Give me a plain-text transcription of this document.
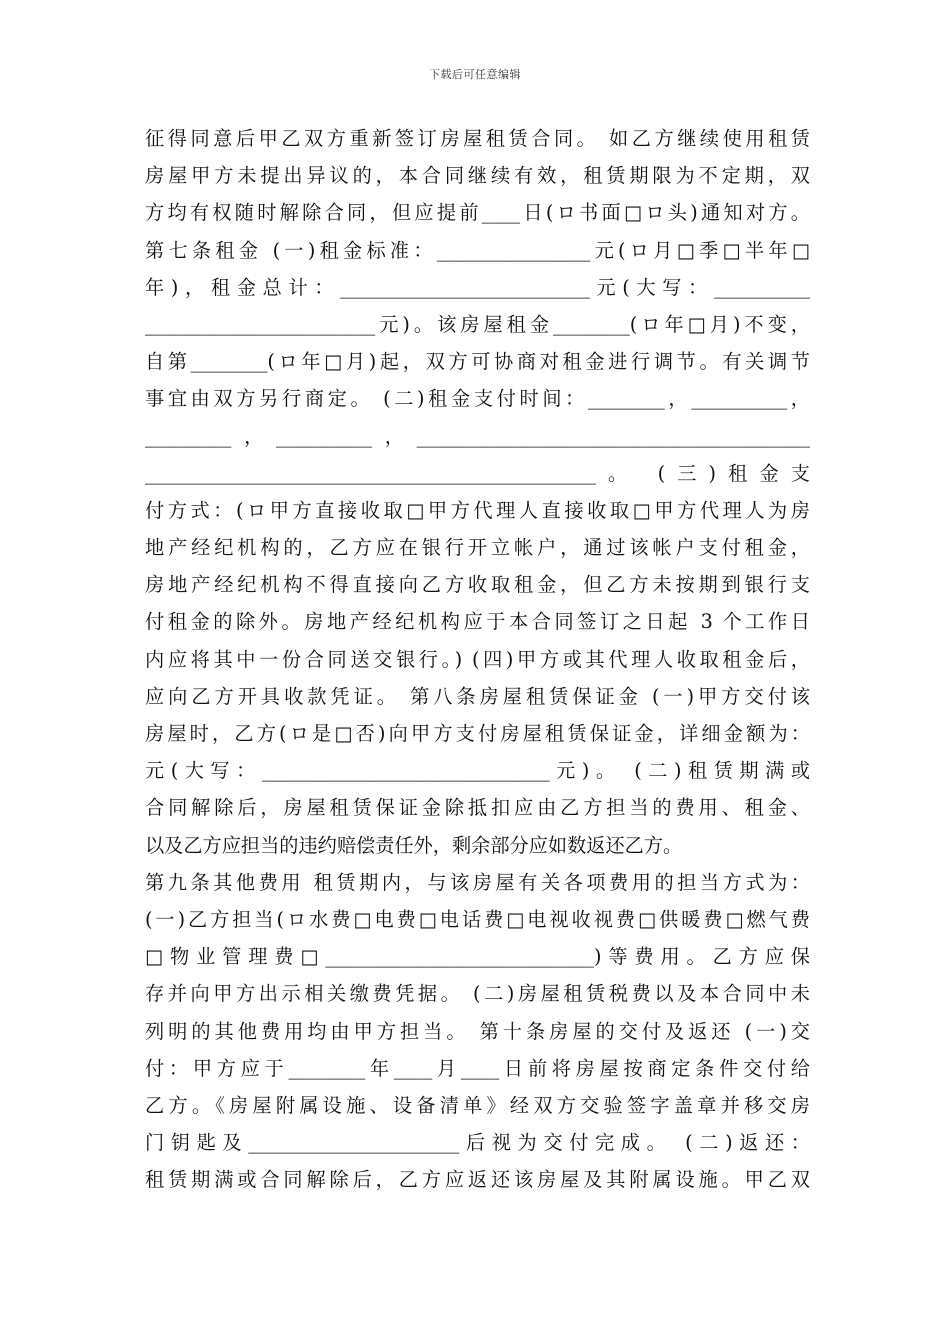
下载后可任意编辑
征得同意后甲乙双方重新签订房屋租赁合同。 如乙方继续使用租赁
房屋甲方未提出异议的，本合同继续有效，租赁期限为不定期，双
方均有权随时解除合同，但应提前____日(ロ书面□ロ头)通知对方。
第七条租金 (一)租金标准：________________元(ロ月□季□半年□
年)，租金总计：__________________________元(大写：__________
________________________元)。该房屋租金________(ロ年□月)不变，
自第________(ロ年□月)起，双方可协商对租金进行调节。有关调节
事宜由双方另行商定。 (二)租金支付时间：________，__________，
_________，__________，_________________________________________
_______________________________________________。 (三)租金支
付方式：(ロ甲方直接收取□甲方代理人直接收取□甲方代理人为房
地产经纪机构的，乙方应在银行开立帐户，通过该帐户支付租金，
房地产经纪机构不得直接向乙方收取租金，但乙方未按期到银行支
付租金的除外。房地产经纪机构应于本合同签订之日起 3 个工作日
内应将其中一份合同送交银行。) (四)甲方或其代理人收取租金后，
应向乙方开具收款凭证。 第八条房屋租赁保证金 (一)甲方交付该
房屋时，乙方(ロ是□否)向甲方支付房屋租赁保证金，详细金额为：
元(大写：______________________________元)。 (二)租赁期满或
合同解除后，房屋租赁保证金除抵扣应由乙方担当的费用、租金、
以及乙方应担当的违约赔偿责任外，剩余部分应如数返还乙方。
第九条其他费用 租赁期内，与该房屋有关各项费用的担当方式为：
(一)乙方担当(ロ水费□电费□电话费□电视收视费□供暖费□燃气费
□物业管理费□____________________________)等费用。乙方应保
存并向甲方出示相关缴费凭据。 (二)房屋租赁税费以及本合同中未
列明的其他费用均由甲方担当。 第十条房屋的交付及返还 (一)交
付：甲方应于________年____月____日前将房屋按商定条件交付给
乙方。《房屋附属设施、设备清单》经双方交验签字盖章并移交房
门钥匙及______________________后视为交付完成。 (二)返还：
租赁期满或合同解除后，乙方应返还该房屋及其附属设施。甲乙双
